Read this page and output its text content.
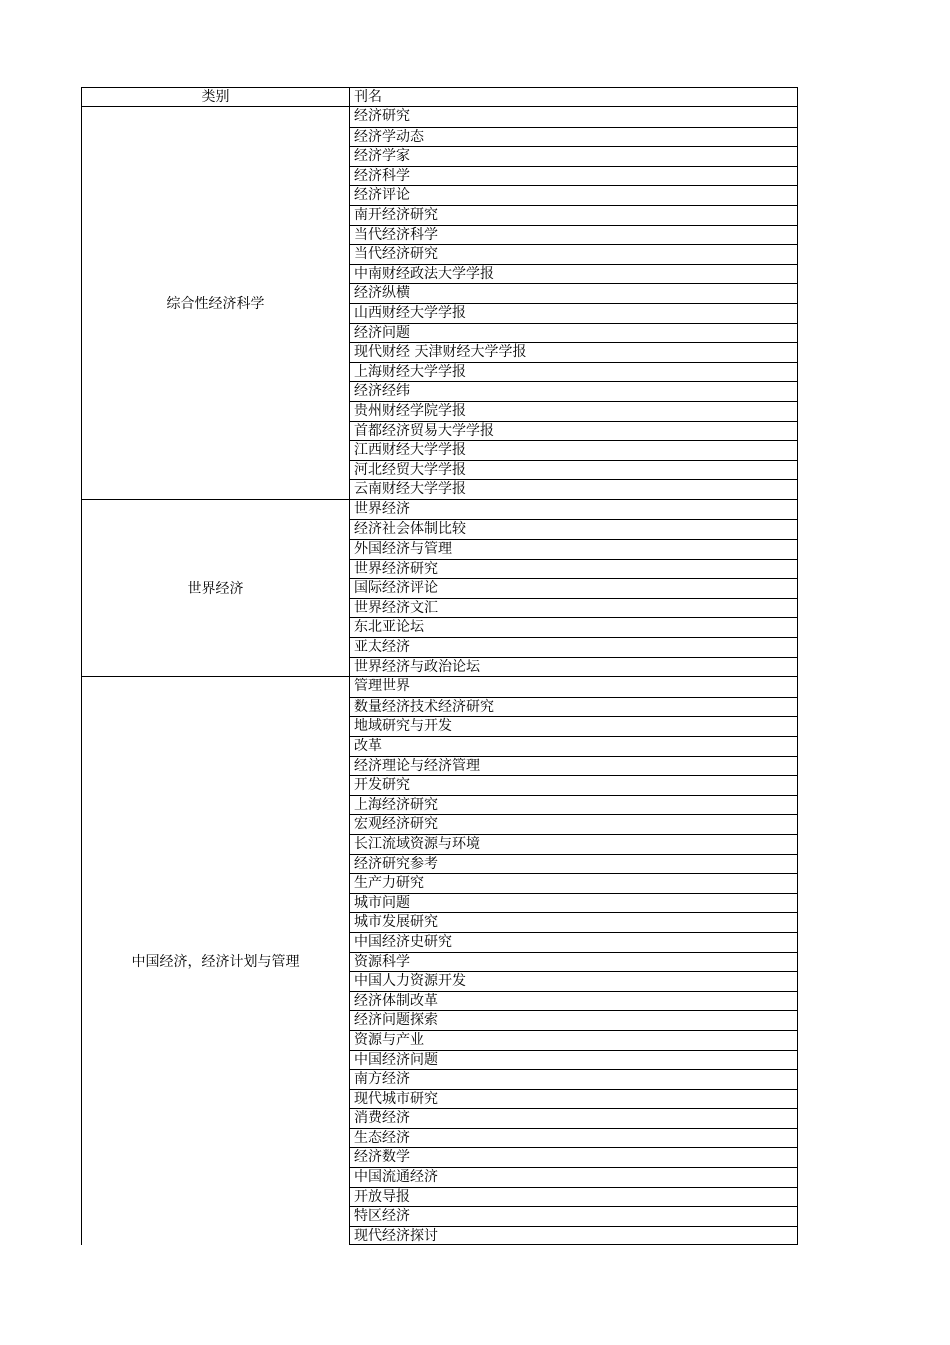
类别	刊名
综合性经济科学
经济研究
经济学动态
经济学家
经济科学
经济评论
南开经济研究
当代经济科学
当代经济研究
中南财经政法大学学报
经济纵横
山西财经大学学报
经济问题
现代财经 天津财经大学学报
上海财经大学学报
经济经纬
贵州财经学院学报
首都经济贸易大学学报
江西财经大学学报
河北经贸大学学报
云南财经大学学报
世界经济
世界经济
经济社会体制比较
外国经济与管理
世界经济研究
国际经济评论
世界经济文汇
东北亚论坛
亚太经济
世界经济与政治论坛
中国经济，经济计划与管理
管理世界
数量经济技术经济研究
地域研究与开发
改革
经济理论与经济管理
开发研究
上海经济研究
宏观经济研究
长江流域资源与环境
经济研究参考
生产力研究
城市问题
城市发展研究
中国经济史研究
资源科学
中国人力资源开发
经济体制改革
经济问题探索
资源与产业
中国经济问题
南方经济
现代城市研究
消费经济
生态经济
经济数学
中国流通经济
开放导报
特区经济
现代经济探讨
